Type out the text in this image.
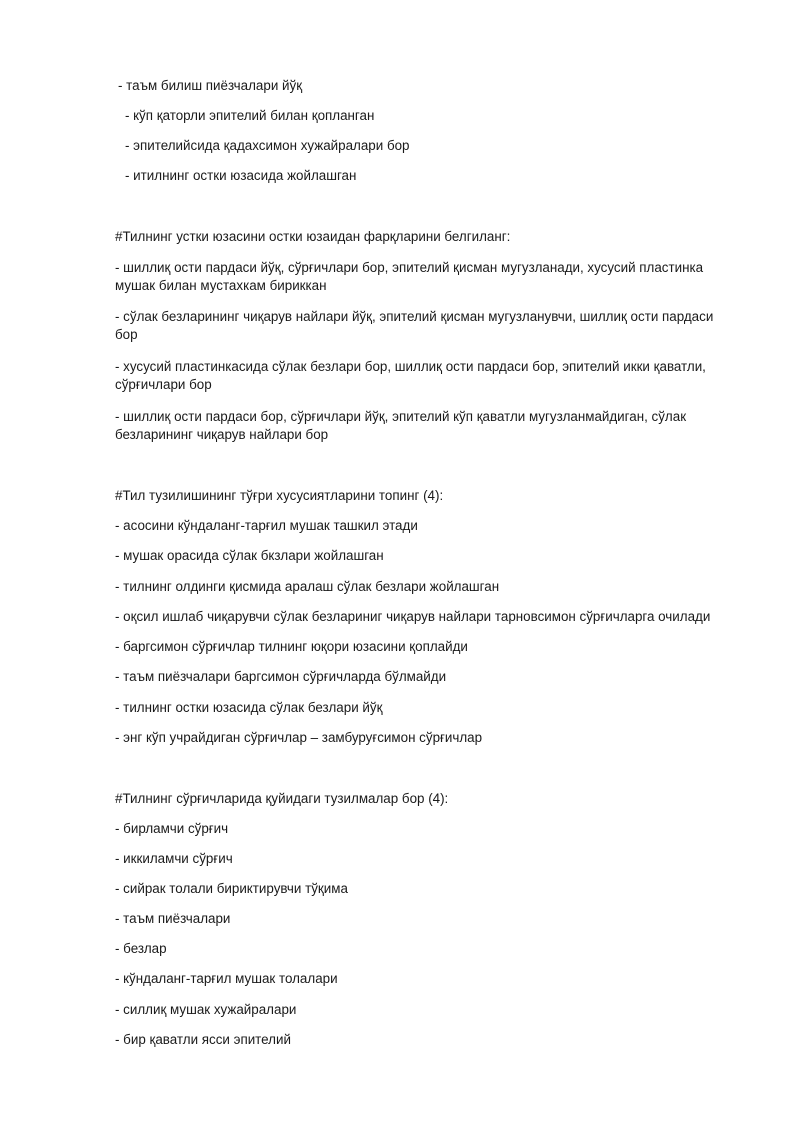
- таъм билиш пиёзчалари йўқ
- кўп қаторли эпителий билан қопланган
- эпителийсида қадахсимон хужайралари бор
- итилнинг остки юзасида жойлашган
#Тилнинг устки юзасини остки юзаидан фарқларини белгиланг:
- шиллиқ ости пардаси йўқ, сўрғичлари бор, эпителий қисман мугузланади, хусусий пластинка мушак билан мустахкам бириккан
- сўлак безларининг чиқарув найлари йўқ, эпителий қисман мугузланувчи, шиллиқ ости пардаси бор
- хусусий пластинкасида сўлак безлари бор, шиллиқ ости пардаси бор, эпителий икки қаватли, сўрғичлари бор
- шиллиқ ости пардаси бор, сўрғичлари йўқ, эпителий кўп қаватли мугузланмайдиган, сўлак безларининг чиқарув найлари бор
#Тил тузилишининг тўғри хусусиятларини топинг (4):
- асосини кўндаланг-тарғил мушак ташкил этади
- мушак орасида сўлак бкзлари жойлашган
- тилнинг олдинги қисмида аралаш сўлак безлари жойлашган
- оқсил ишлаб чиқарувчи сўлак безлариниг чиқарув найлари тарновсимон сўрғичларга очилади
- баргсимон сўрғичлар тилнинг юқори юзасини қоплайди
- таъм пиёзчалари баргсимон сўрғичларда бўлмайди
- тилнинг остки юзасида сўлак безлари йўқ
- энг кўп учрайдиган сўрғичлар – замбуруғсимон сўрғичлар
#Тилнинг сўрғичларида қуйидаги тузилмалар бор (4):
- бирламчи сўрғич
- иккиламчи сўрғич
- сийрак толали бириктирувчи тўқима
- таъм пиёзчалари
- безлар
- кўндаланг-тарғил мушак толалари
- силлиқ мушак хужайралари
- бир қаватли ясси эпителий
